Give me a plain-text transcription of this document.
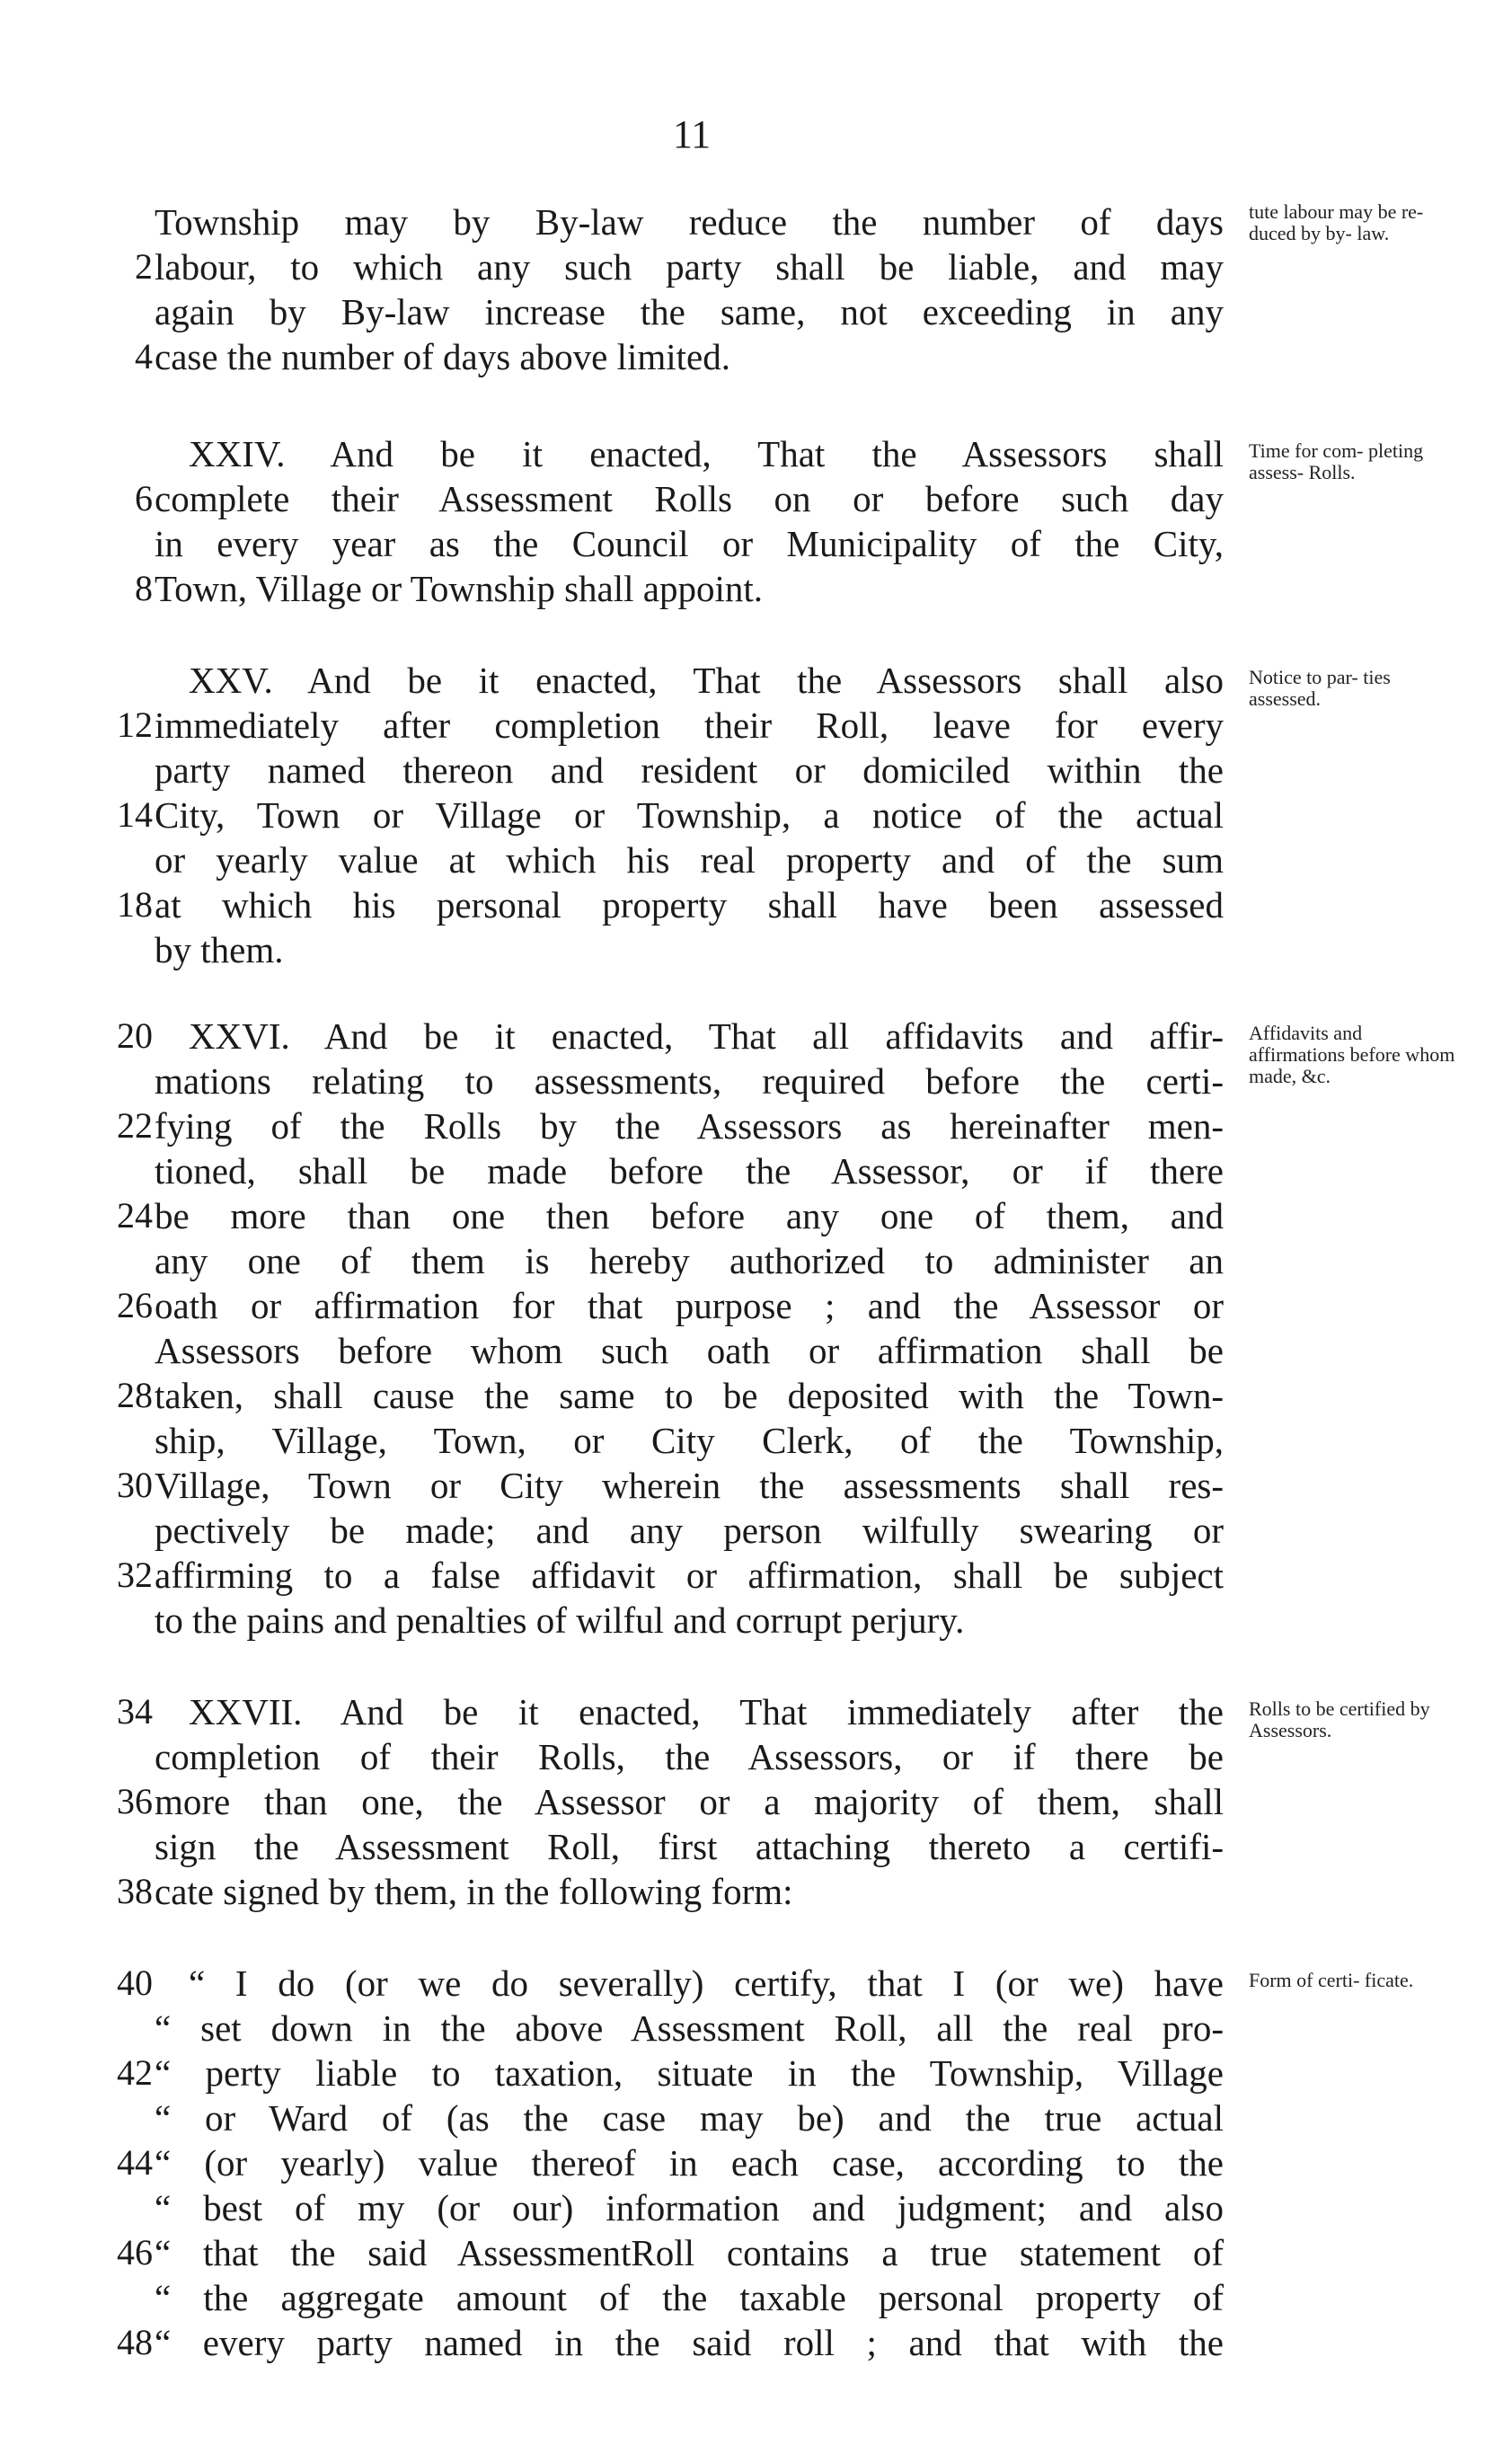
11
Township may by By-law reduce the number of days
2 labour, to which any such party shall be liable, and may
again by By-law increase the same, not exceeding in any
4 case the number of days above limited.
tute labour may be re- duced by by- law.
XXIV. And be it enacted, That the Assessors shall
6 complete their Assessment Rolls on or before such day
in every year as the Council or Municipality of the City,
8 Town, Village or Township shall appoint.
Time for com- pleting assess- Rolls.
XXV. And be it enacted, That the Assessors shall also
12 immediately after completion their Roll, leave for every
party named thereon and resident or domiciled within the
14 City, Town or Village or Township, a notice of the actual
or yearly value at which his real property and of the sum
18 at which his personal property shall have been assessed
by them.
Notice to par- ties assessed.
20 XXVI. And be it enacted, That all affidavits and affir-
mations relating to assessments, required before the certi-
22 fying of the Rolls by the Assessors as hereinafter men-
tioned, shall be made before the Assessor, or if there
24 be more than one then before any one of them, and
any one of them is hereby authorized to administer an
26 oath or affirmation for that purpose ; and the Assessor or
Assessors before whom such oath or affirmation shall be
28 taken, shall cause the same to be deposited with the Town-
ship, Village, Town, or City Clerk, of the Township,
30 Village, Town or City wherein the assessments shall res-
pectively be made; and any person wilfully swearing or
32 affirming to a false affidavit or affirmation, shall be subject
to the pains and penalties of wilful and corrupt perjury.
Affidavits and affirmations before whom made, &c.
34 XXVII. And be it enacted, That immediately after the
completion of their Rolls, the Assessors, or if there be
36 more than one, the Assessor or a majority of them, shall
sign the Assessment Roll, first attaching thereto a certifi-
38 cate signed by them, in the following form:
Rolls to be certified by Assessors.
40 “ I do (or we do severally) certify, that I (or we) have
“ set down in the above Assessment Roll, all the real pro-
42 “ perty liable to taxation, situate in the Township, Village
“ or Ward of (as the case may be) and the true actual
44 “ (or yearly) value thereof in each case, according to the
“ best of my (or our) information and judgment; and also
46 “ that the said AssessmentRoll contains a true statement of
“ the aggregate amount of the taxable personal property of
48 “ every party named in the said roll ; and that with the
Form of certi- ficate.
